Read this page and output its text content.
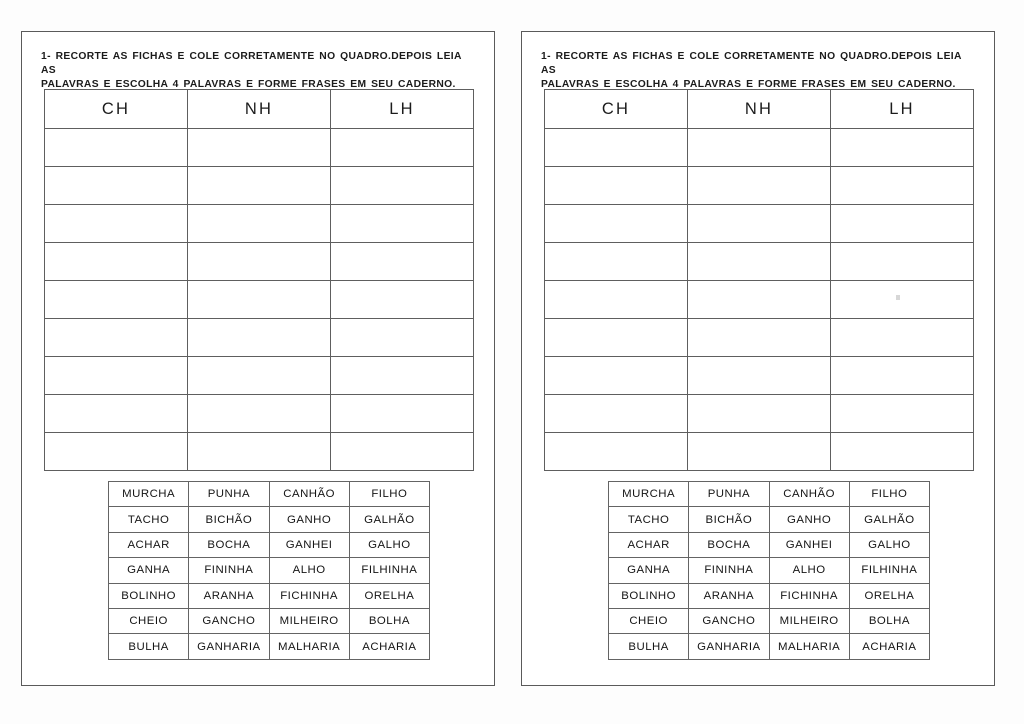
1- RECORTE AS FICHAS E COLE CORRETAMENTE NO QUADRO.DEPOIS LEIA AS
PALAVRAS E ESCOLHA 4 PALAVRAS E FORME FRASES EM SEU CADERNO.
CH	NH	LH

MURCHA	PUNHA	CANHÃO	FILHO
TACHO	BICHÃO	GANHO	GALHÃO
ACHAR	BOCHA	GANHEI	GALHO
GANHA	FININHA	ALHO	FILHINHA
BOLINHO	ARANHA	FICHINHA	ORELHA
CHEIO	GANCHO	MILHEIRO	BOLHA
BULHA	GANHARIA	MALHARIA	ACHARIA
1- RECORTE AS FICHAS E COLE CORRETAMENTE NO QUADRO.DEPOIS LEIA AS
PALAVRAS E ESCOLHA 4 PALAVRAS E FORME FRASES EM SEU CADERNO.
CH	NH	LH

MURCHA	PUNHA	CANHÃO	FILHO
TACHO	BICHÃO	GANHO	GALHÃO
ACHAR	BOCHA	GANHEI	GALHO
GANHA	FININHA	ALHO	FILHINHA
BOLINHO	ARANHA	FICHINHA	ORELHA
CHEIO	GANCHO	MILHEIRO	BOLHA
BULHA	GANHARIA	MALHARIA	ACHARIA
